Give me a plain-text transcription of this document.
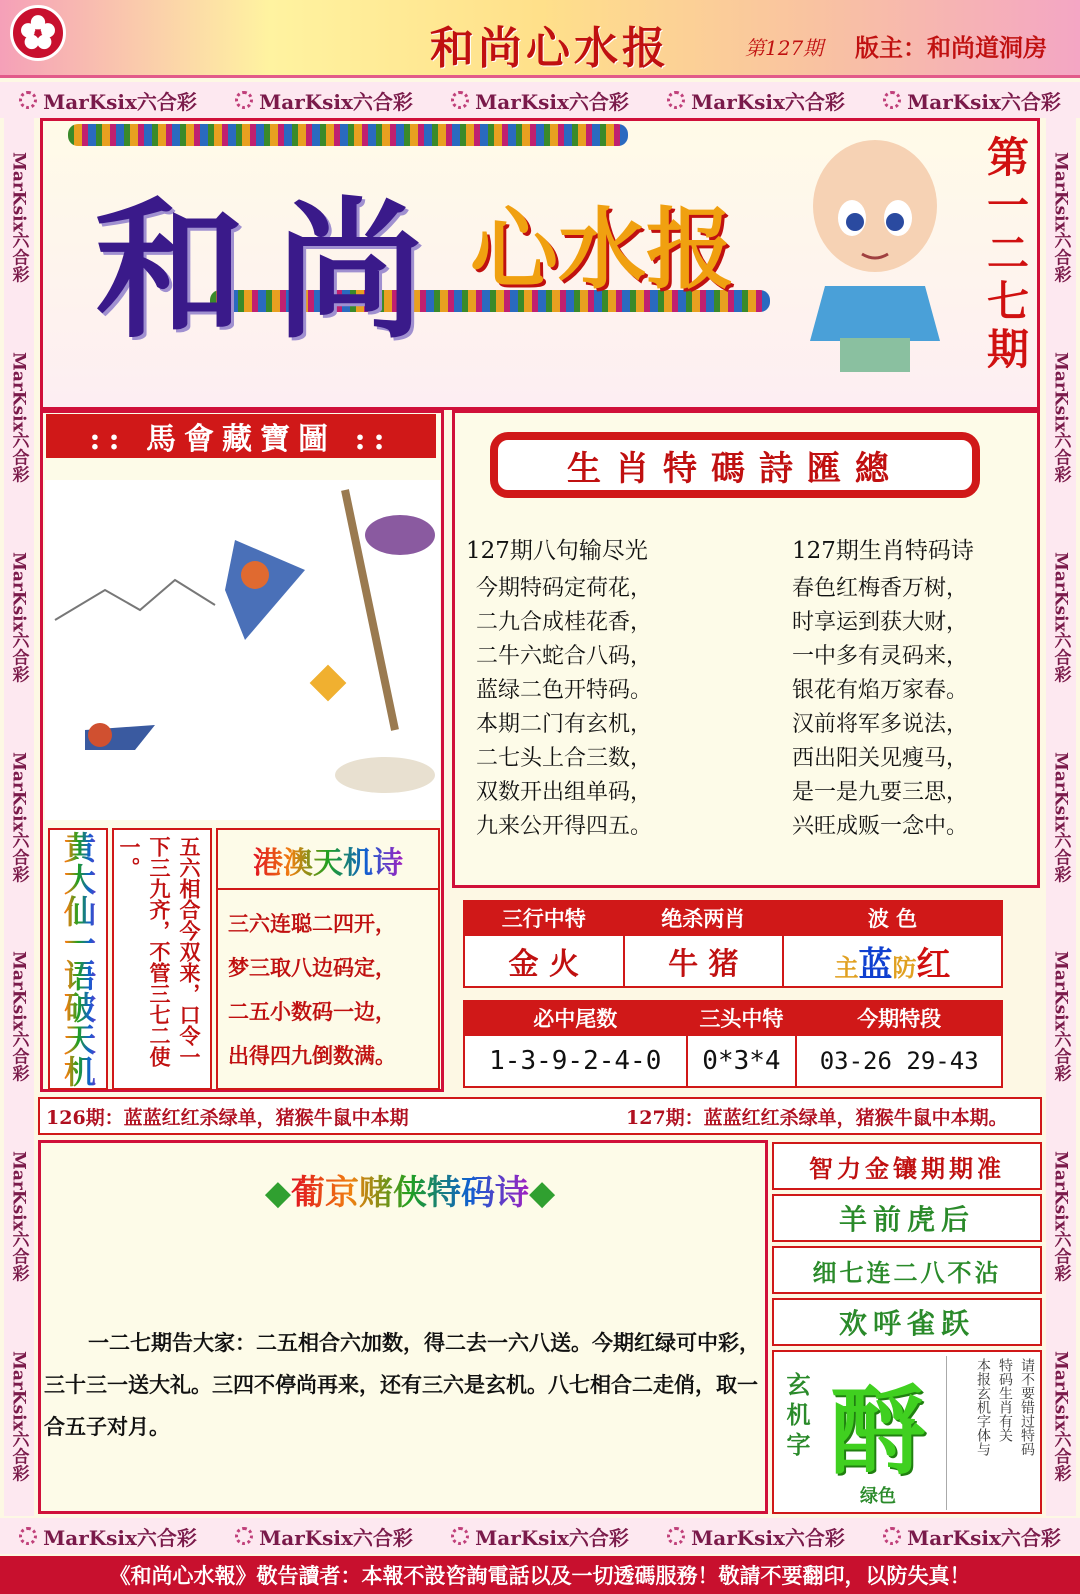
和尚心水报	第127期 版主：和尚道洞房
MarKsix六合彩	MarKsix六合彩	MarKsix六合彩	MarKsix六合彩	MarKsix六合彩
MarKsix六合彩	MarKsix六合彩	MarKsix六合彩	MarKsix六合彩	MarKsix六合彩
MarKsix六合彩
MarKsix六合彩
MarKsix六合彩
MarKsix六合彩
MarKsix六合彩
MarKsix六合彩
MarKsix六合彩
MarKsix六合彩
MarKsix六合彩
MarKsix六合彩
MarKsix六合彩
MarKsix六合彩
MarKsix六合彩
MarKsix六合彩
和尚 心水报	第一二七期
:: 馬會藏寶圖 ::
黄大仙一语破天机	五六相合今双来，口令一下三九齐，不管三七二使一。	港澳天机诗
三六连聪二四开，
梦三取八边码定，
二五小数码一边，
出得四九倒数满。
生肖特碼詩匯總
127期八句输尽光
今期特码定荷花，
二九合成桂花香，
二牛六蛇合八码，
蓝绿二色开特码。
本期二门有玄机，
二七头上合三数，
双数开出组单码，
九来公开得四五。
127期生肖特码诗
春色红梅香万树，
时享运到获大财，
一中多有灵码来，
银花有焰万家春。
汉前将军多说法，
西出阳关见瘦马，
是一是九要三思，
兴旺成贩一念中。
三行中特	绝杀两肖	波 色
金 火	牛 猪	主蓝防红
必中尾数	三头中特	今期特段
1-3-9-2-4-0	0*3*4	03-26 29-43
126期：蓝蓝红红杀绿单，猪猴牛鼠中本期	127期：蓝蓝红红杀绿单，猪猴牛鼠中本期。
◆葡京赌侠特码诗◆
一二七期告大家：二五相合六加数，得二去一六八送。今期红绿可中彩，三十三一送大礼。三四不停尚再来，还有三六是玄机。八七相合二走俏，取一合五子对月。
智力金镶期期准
羊前虎后
细七连二八不沾
欢呼雀跃
玄机字 酹
绿色
请不要错过特码
特码生肖有关
本报玄机字体与
《和尚心水報》敬告讀者：本報不設咨詢電話以及一切透碼服務！敬請不要翻印，以防失真！
